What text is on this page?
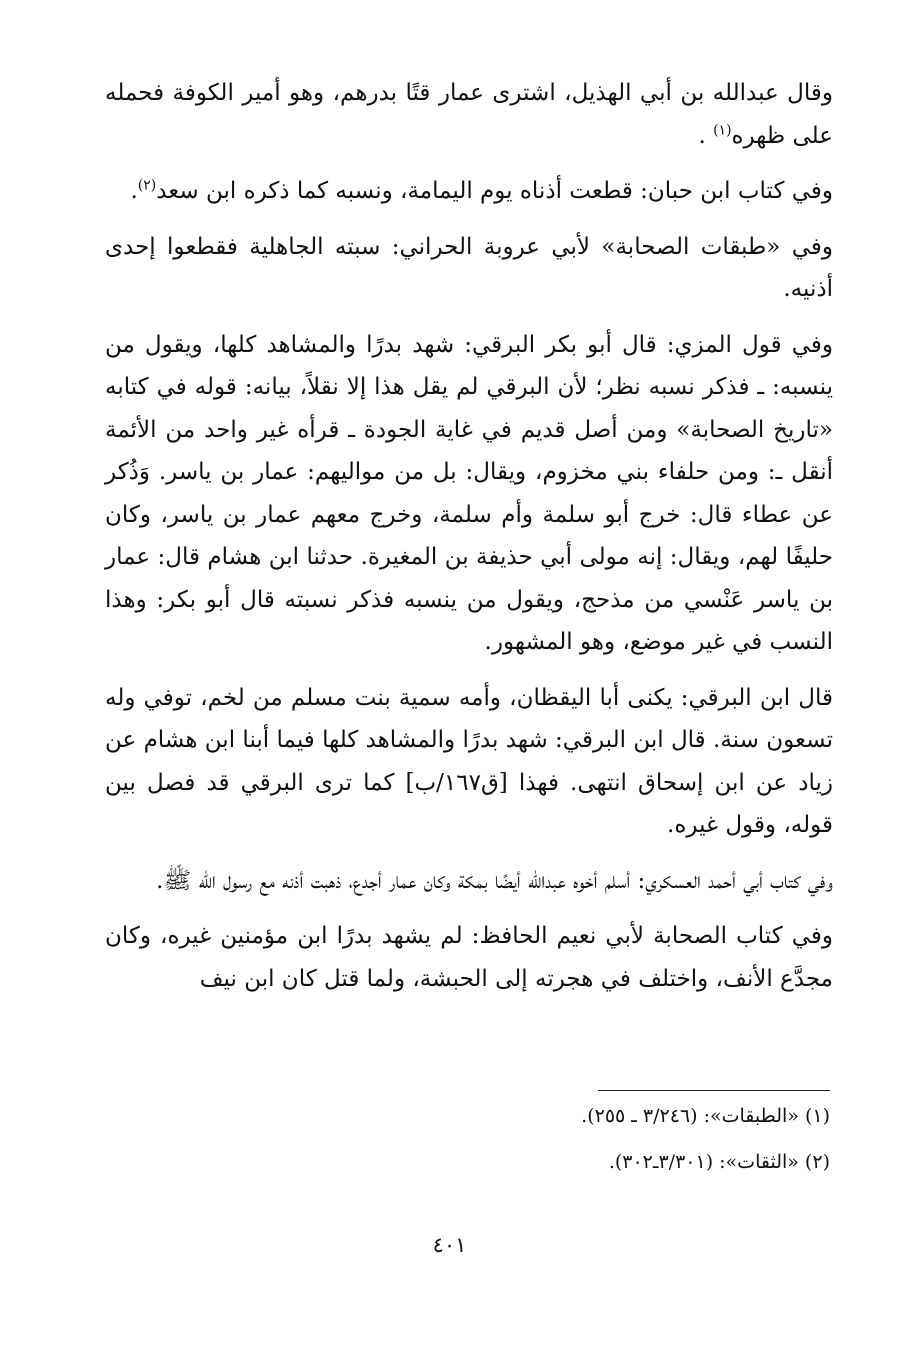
وقال عبدالله بن أبي الهذيل، اشترى عمار قتًا بدرهم، وهو أمير الكوفة فحمله على ظهره$^{(١)}$ .

وفي كتاب ابن حبان: قطعت أذناه يوم اليمامة، ونسبه كما ذكره ابن سعد$^{(٢)}$.

وفي «طبقات الصحابة» لأبي عروبة الحراني: سبته الجاهلية فقطعوا إحدى أذنيه.

وفي قول المزي: قال أبو بكر البرقي: شهد بدرًا والمشاهد كلها، ويقول من ينسبه: ـ فذكر نسبه نظر؛ لأن البرقي لم يقل هذا إلا نقلاً، بيانه: قوله في كتابه «تاريخ الصحابة» ومن أصل قديم في غاية الجودة ـ قرأه غير واحد من الأئمة أنقل ـ: ومن حلفاء بني مخزوم، ويقال: بل من مواليهم: عمار بن ياسر. وَذُكر عن عطاء قال: خرج أبو سلمة وأم سلمة، وخرج معهم عمار بن ياسر، وكان حليفًا لهم، ويقال: إنه مولى أبي حذيفة بن المغيرة. حدثنا ابن هشام قال: عمار بن ياسر عَنْسي من مذحج، ويقول من ينسبه فذكر نسبته قال أبو بكر: وهذا النسب في غير موضع، وهو المشهور.

قال ابن البرقي: يكنى أبا اليقظان، وأمه سمية بنت مسلم من لخم، توفي وله تسعون سنة. قال ابن البرقي: شهد بدرًا والمشاهد كلها فيما أبنا ابن هشام عن زياد عن ابن إسحاق انتهى. فهذا [ق١٦٧/ب] كما ترى البرقي قد فصل بين قوله، وقول غيره.

وفي كتاب أبي أحمد العسكري: أسلم أخوه عبدالله أيضًا بمكة وكان عمار أجدع، ذهبت أذنه مع رسول الله ﷺ.

وفي كتاب الصحابة لأبي نعيم الحافظ: لم يشهد بدرًا ابن مؤمنين غيره، وكان مجدَّع الأنف، واختلف في هجرته إلى الحبشة، ولما قتل كان ابن نيف

(١) «الطبقات»: (٣/٢٤٦ ـ ٢٥٥).

(٢) «الثقات»: (٣/٣٠١ـ٣٠٢).

٤٠١
